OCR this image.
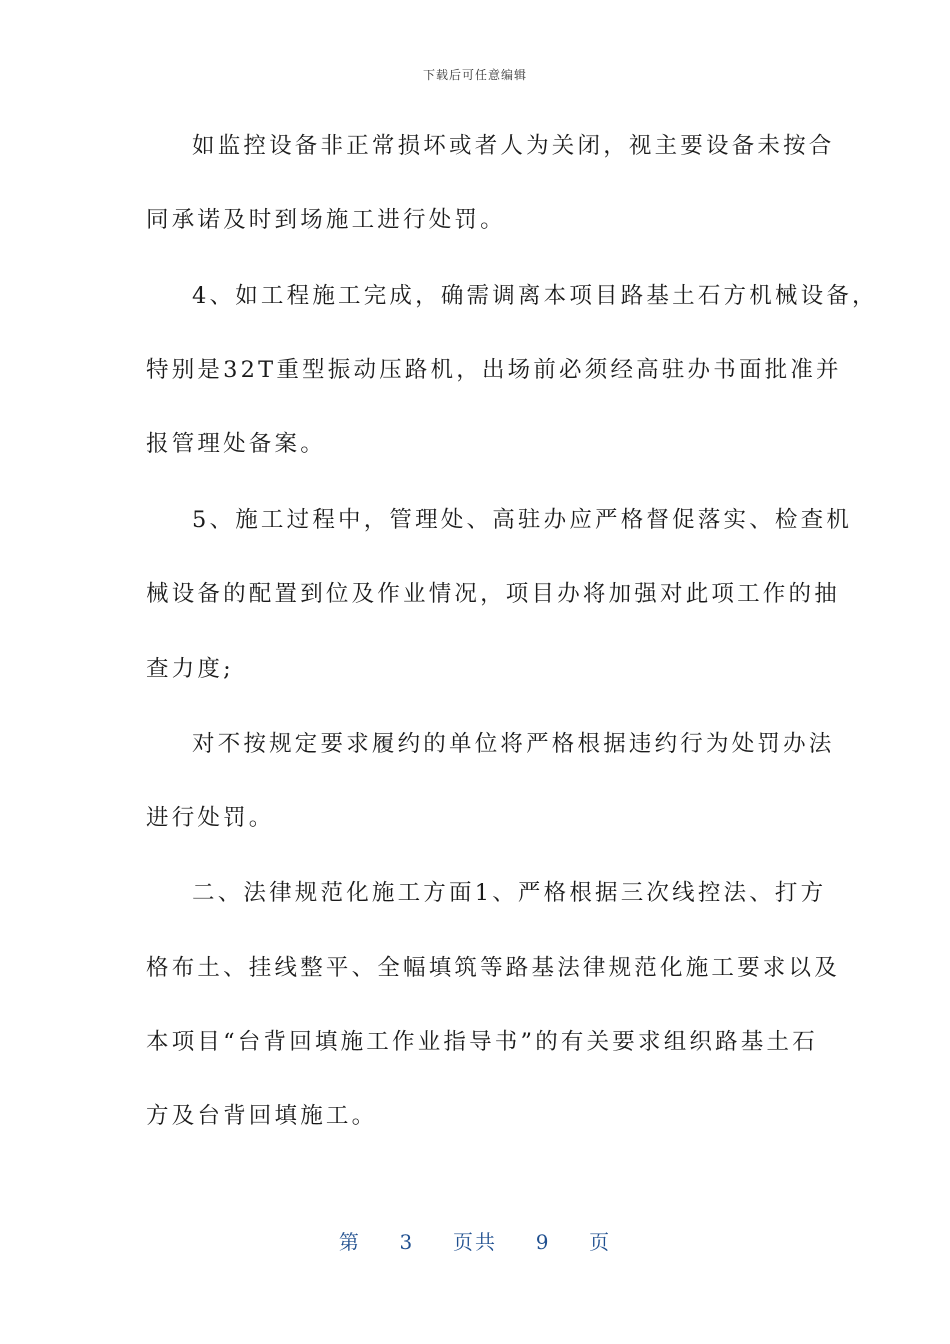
下载后可任意编辑
如监控设备非正常损坏或者人为关闭，视主要设备未按合
同承诺及时到场施工进行处罚。
4、如工程施工完成，确需调离本项目路基土石方机械设备，
特别是32T重型振动压路机，出场前必须经高驻办书面批准并
报管理处备案。
5、施工过程中，管理处、高驻办应严格督促落实、检查机
械设备的配置到位及作业情况，项目办将加强对此项工作的抽
查力度;
对不按规定要求履约的单位将严格根据违约行为处罚办法
进行处罚。
二、法律规范化施工方面1、严格根据三次线控法、打方
格布土、挂线整平、全幅填筑等路基法律规范化施工要求以及
本项目“台背回填施工作业指导书”的有关要求组织路基土石
方及台背回填施工。
第 3 页共 9 页
